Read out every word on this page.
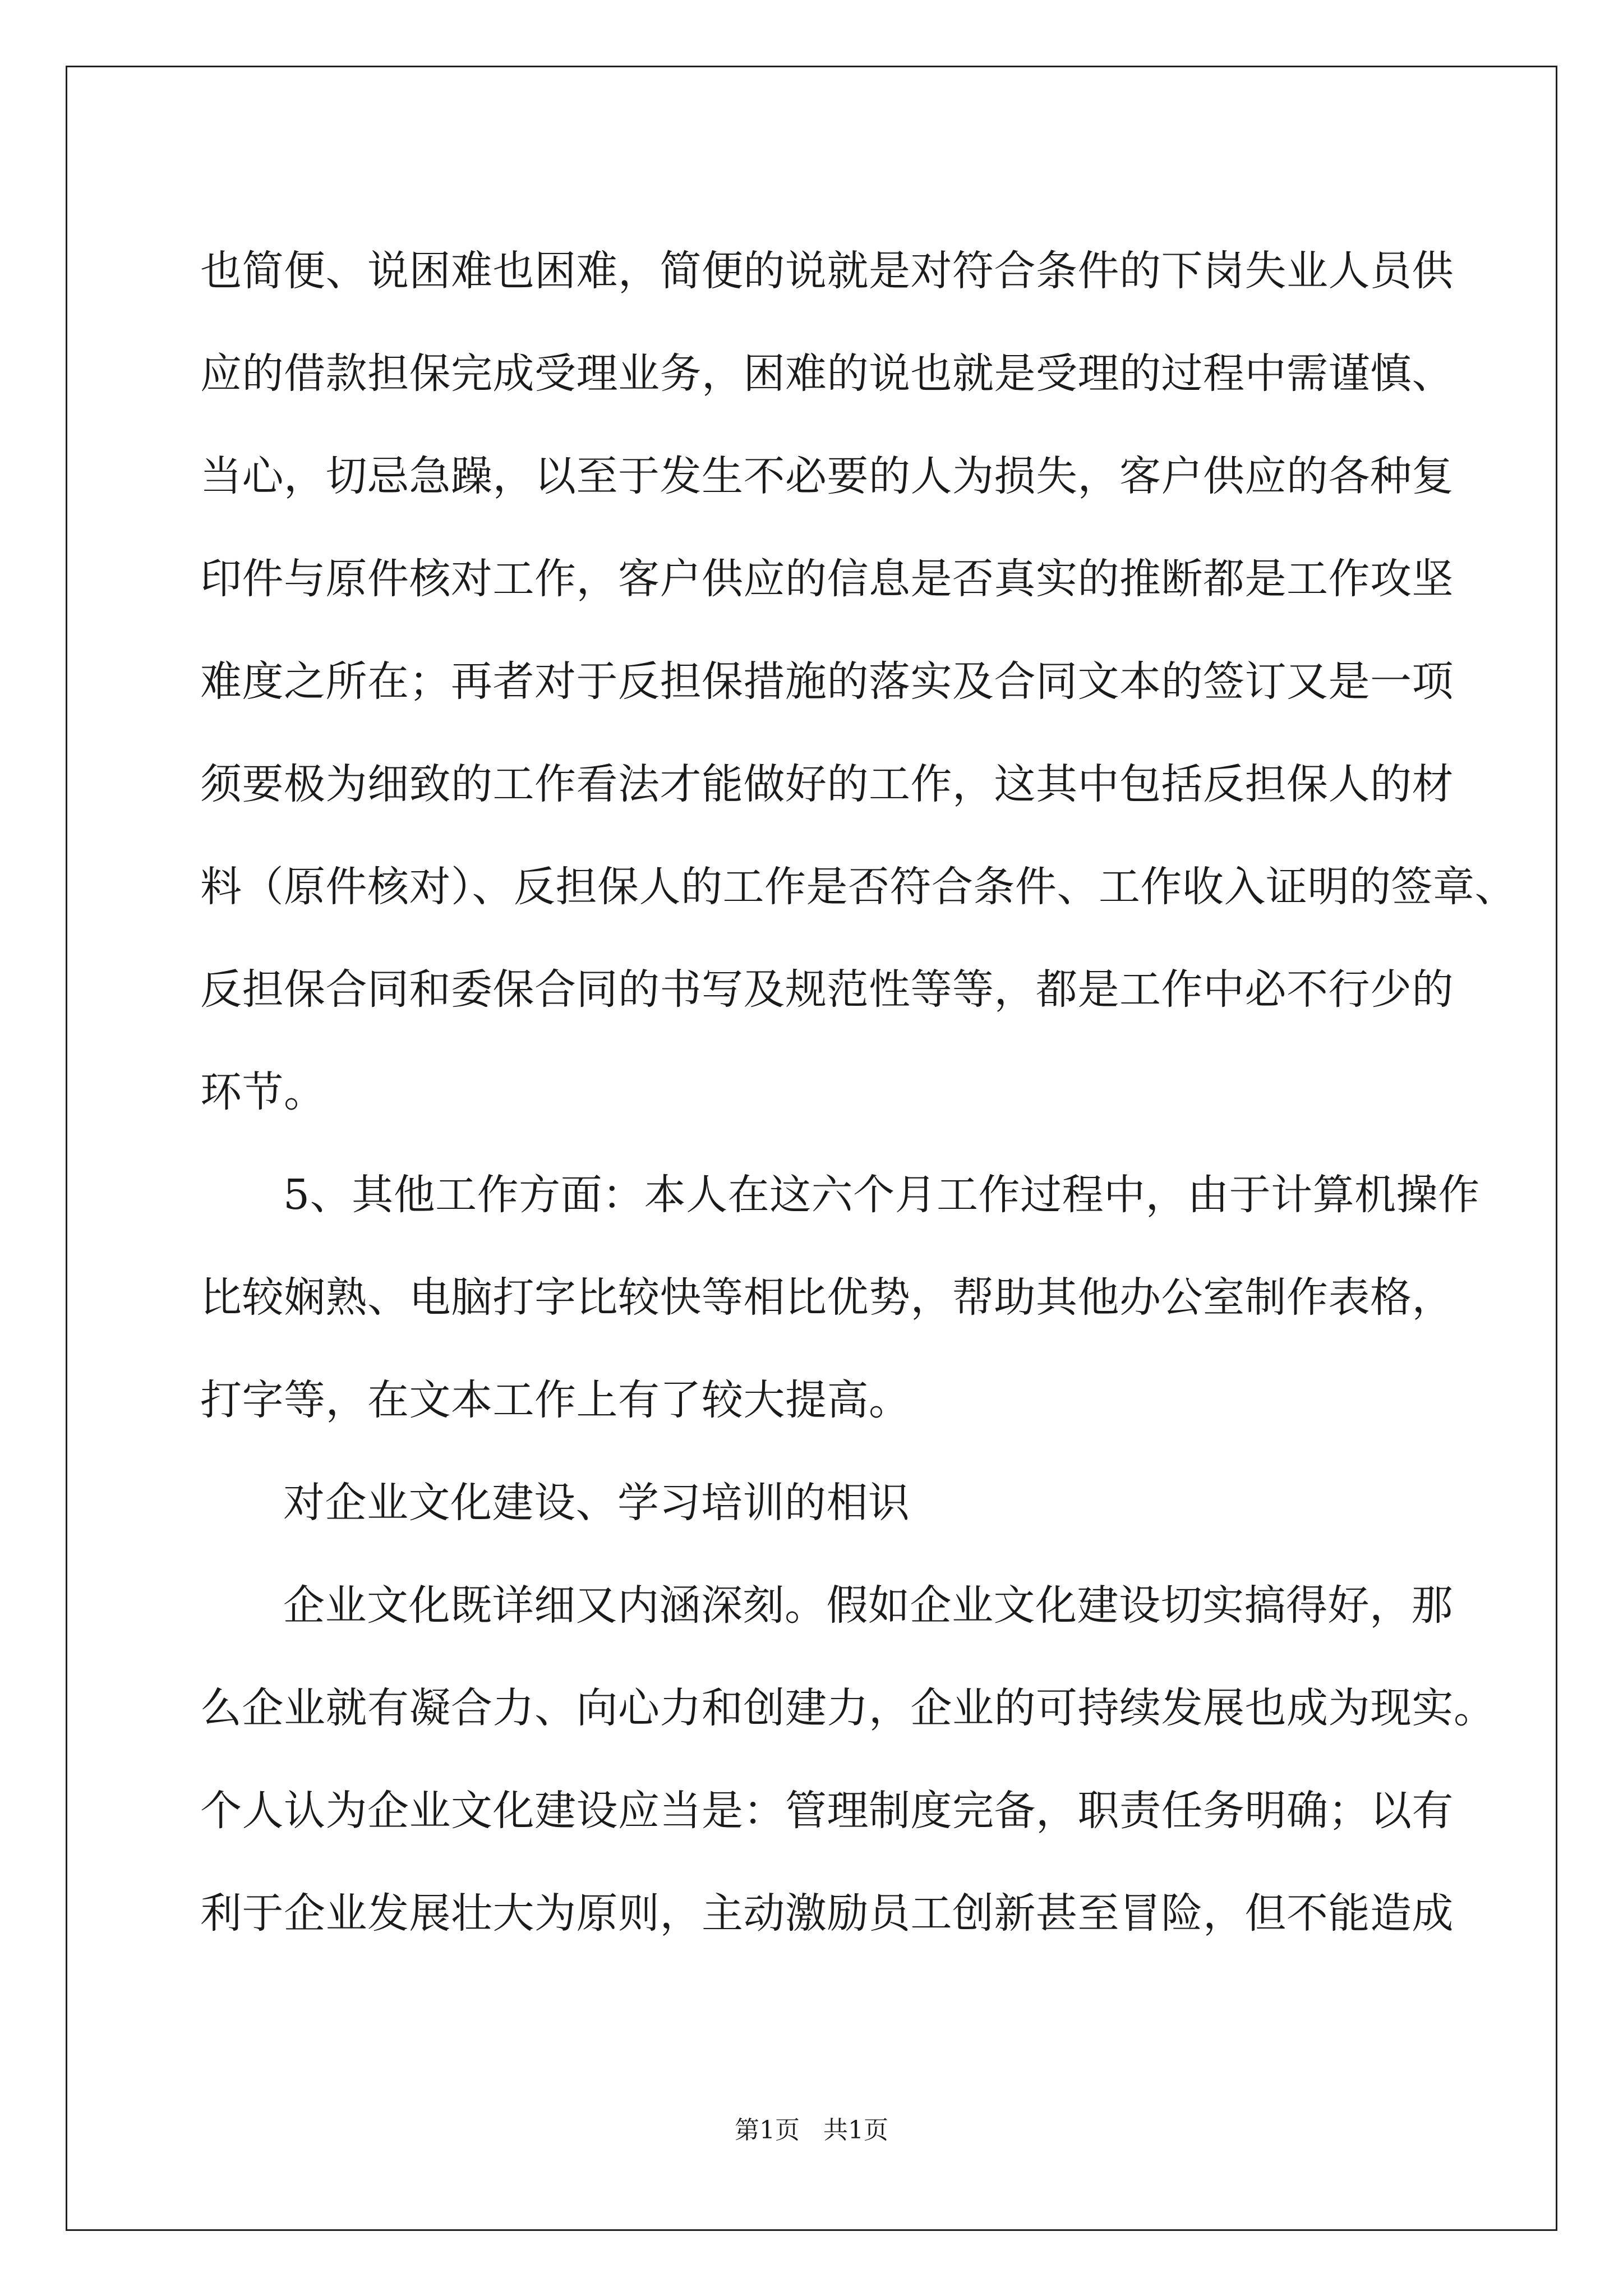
也简便、说困难也困难，简便的说就是对符合条件的下岗失业人员供
应的借款担保完成受理业务，困难的说也就是受理的过程中需谨慎、
当心，切忌急躁，以至于发生不必要的人为损失，客户供应的各种复
印件与原件核对工作，客户供应的信息是否真实的推断都是工作攻坚
难度之所在；再者对于反担保措施的落实及合同文本的签订又是一项
须要极为细致的工作看法才能做好的工作，这其中包括反担保人的材
料（原件核对）、反担保人的工作是否符合条件、工作收入证明的签章、
反担保合同和委保合同的书写及规范性等等，都是工作中必不行少的
环节。
5、其他工作方面：本人在这六个月工作过程中，由于计算机操作
比较娴熟、电脑打字比较快等相比优势，帮助其他办公室制作表格，
打字等，在文本工作上有了较大提高。
对企业文化建设、学习培训的相识
企业文化既详细又内涵深刻。假如企业文化建设切实搞得好，那
么企业就有凝合力、向心力和创建力，企业的可持续发展也成为现实。
个人认为企业文化建设应当是：管理制度完备，职责任务明确；以有
利于企业发展壮大为原则，主动激励员工创新甚至冒险，但不能造成
第1页   共1页
